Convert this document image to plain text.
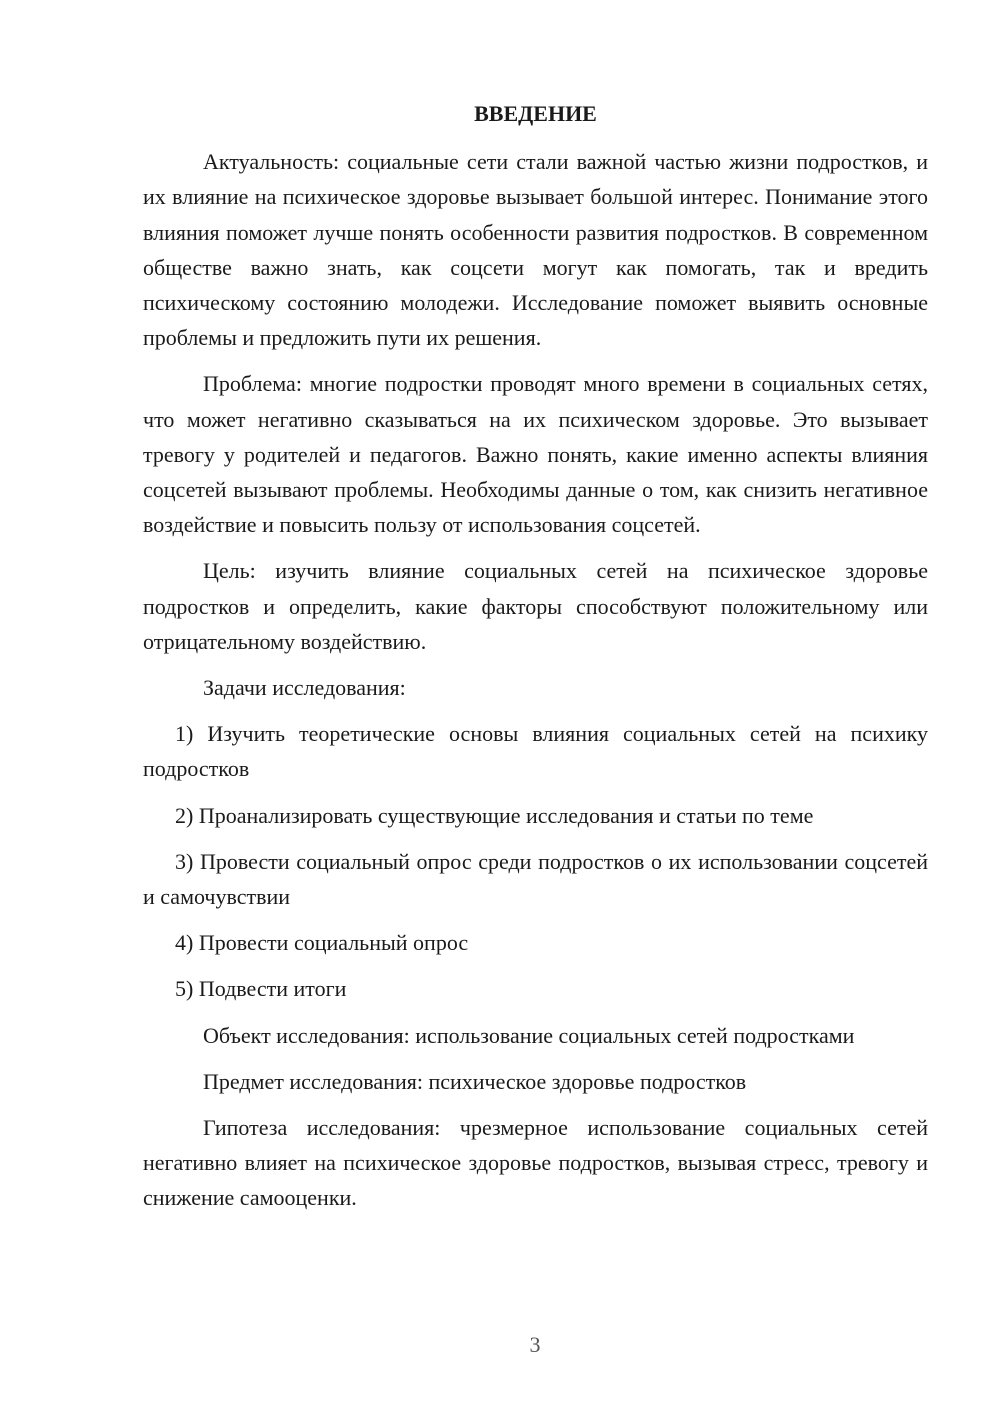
ВВЕДЕНИЕ

Актуальность: социальные сети стали важной частью жизни подростков, и их влияние на психическое здоровье вызывает большой интерес. Понимание этого влияния поможет лучше понять особенности развития подростков. В современном обществе важно знать, как соцсети могут как помогать, так и вредить психическому состоянию молодежи. Исследование поможет выявить основные проблемы и предложить пути их решения.

Проблема: многие подростки проводят много времени в социальных сетях, что может негативно сказываться на их психическом здоровье. Это вызывает тревогу у родителей и педагогов. Важно понять, какие именно аспекты влияния соцсетей вызывают проблемы. Необходимы данные о том, как снизить негативное воздействие и повысить пользу от использования соцсетей.

Цель: изучить влияние социальных сетей на психическое здоровье подростков и определить, какие факторы способствуют положительному или отрицательному воздействию.

Задачи исследования:

1) Изучить теоретические основы влияния социальных сетей на психику подростков

2) Проанализировать существующие исследования и статьи по теме

3) Провести социальный опрос среди подростков о их использовании соцсетей и самочувствии

4) Провести социальный опрос

5) Подвести итоги

Объект исследования: использование социальных сетей подростками

Предмет исследования: психическое здоровье подростков

Гипотеза исследования: чрезмерное использование социальных сетей негативно влияет на психическое здоровье подростков, вызывая стресс, тревогу и снижение самооценки.

3
